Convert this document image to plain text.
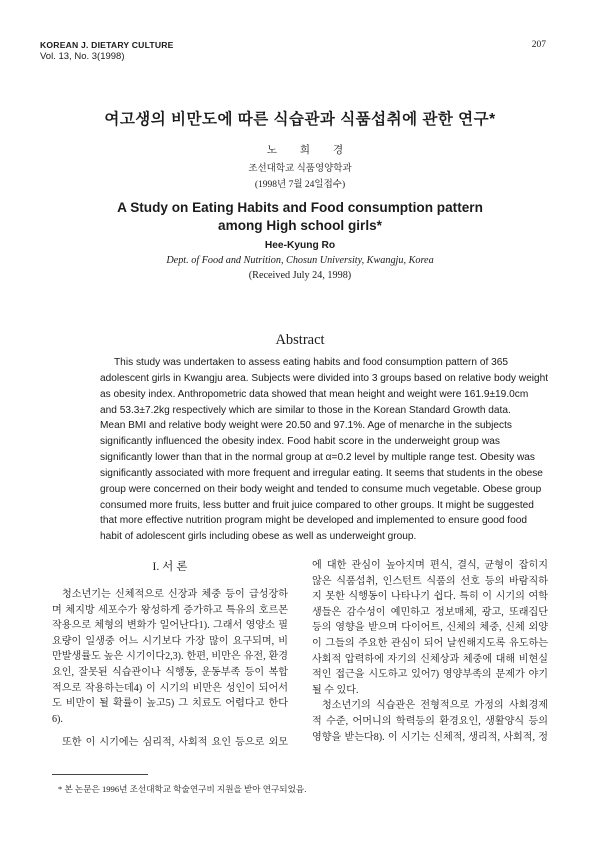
KOREAN J. DIETARY CULTURE
Vol. 13, No. 3(1998)
207
여고생의 비만도에 따른 식습관과 식품섭취에 관한 연구*
노 희 경
조선대학교 식품영양학과
(1998년 7월 24일접수)
A Study on Eating Habits and Food consumption pattern
among High school girls*
Hee-Kyung Ro
Dept. of Food and Nutrition, Chosun University, Kwangju, Korea
(Received July 24, 1998)
Abstract
This study was undertaken to assess eating habits and food consumption pattern of 365
adolescent girls in Kwangju area. Subjects were divided into 3 groups based on relative body weight
as obesity index. Anthropometric data showed that mean height and weight were 161.9±19.0cm
and 53.3±7.2kg respectively which are similar to those in the Korean Standard Growth data.
Mean BMI and relative body weight were 20.50 and 97.1%. Age of menarche in the subjects
significantly influenced the obesity index. Food habit score in the underweight group was
significantly lower than that in the normal group at α=0.2 level by multiple range test. Obesity was
significantly associated with more frequent and irregular eating. It seems that students in the obese
group were concerned on their body weight and tended to consume much vegetable. Obese group
consumed more fruits, less butter and fruit juice compared to other groups. It might be suggested
that more effective nutrition program might be developed and implemented to ensure good food
habit of adolescent girls including obese as well as underweight group.
I. 서 론
청소년기는 신체적으로 신장과 체중 등이 급성장하
며 체지방 세포수가 왕성하게 증가하고 특유의 호르몬
작용으로 체형의 변화가 일어난다1). 그래서 영양소 필
요량이 일생중 어느 시기보다 가장 많이 요구되며, 비
만발생률도 높은 시기이다2,3). 한편, 비만은 유전, 환경
요인, 잘못된 식습관이나 식행동, 운동부족 등이 복합
적으로 작용하는데4) 이 시기의 비만은 성인이 되어서
도 비만이 될 확률이 높고5) 그 치료도 어렵다고 한다
6).
또한 이 시기에는 심리적, 사회적 요인 등으로 외모
에 대한 관심이 높아지며 편식, 결식, 균형이 잡히지
않은 식품섭취, 인스턴트 식품의 선호 등의 바람직하
지 못한 식행동이 나타나기 쉽다. 특히 이 시기의 여학
생들은 감수성이 예민하고 정보매체, 광고, 또래집단
등의 영향을 받으며 다이어트, 신체의 체중, 신체 외양
이 그들의 주요한 관심이 되어 날씬해지도록 유도하는
사회적 압력하에 자기의 신체상과 체중에 대해 비현실
적인 접근을 시도하고 있어7) 영양부족의 문제가 야기
될 수 있다.
청소년기의 식습관은 전형적으로 가정의 사회경제
적 수준, 어머니의 학력등의 환경요인, 생활양식 등의
영향을 받는다8). 이 시기는 신체적, 생리적, 사회적, 정
* 본 논문은 1996년 조선대학교 학술연구비 지원을 받아 연구되었음.
